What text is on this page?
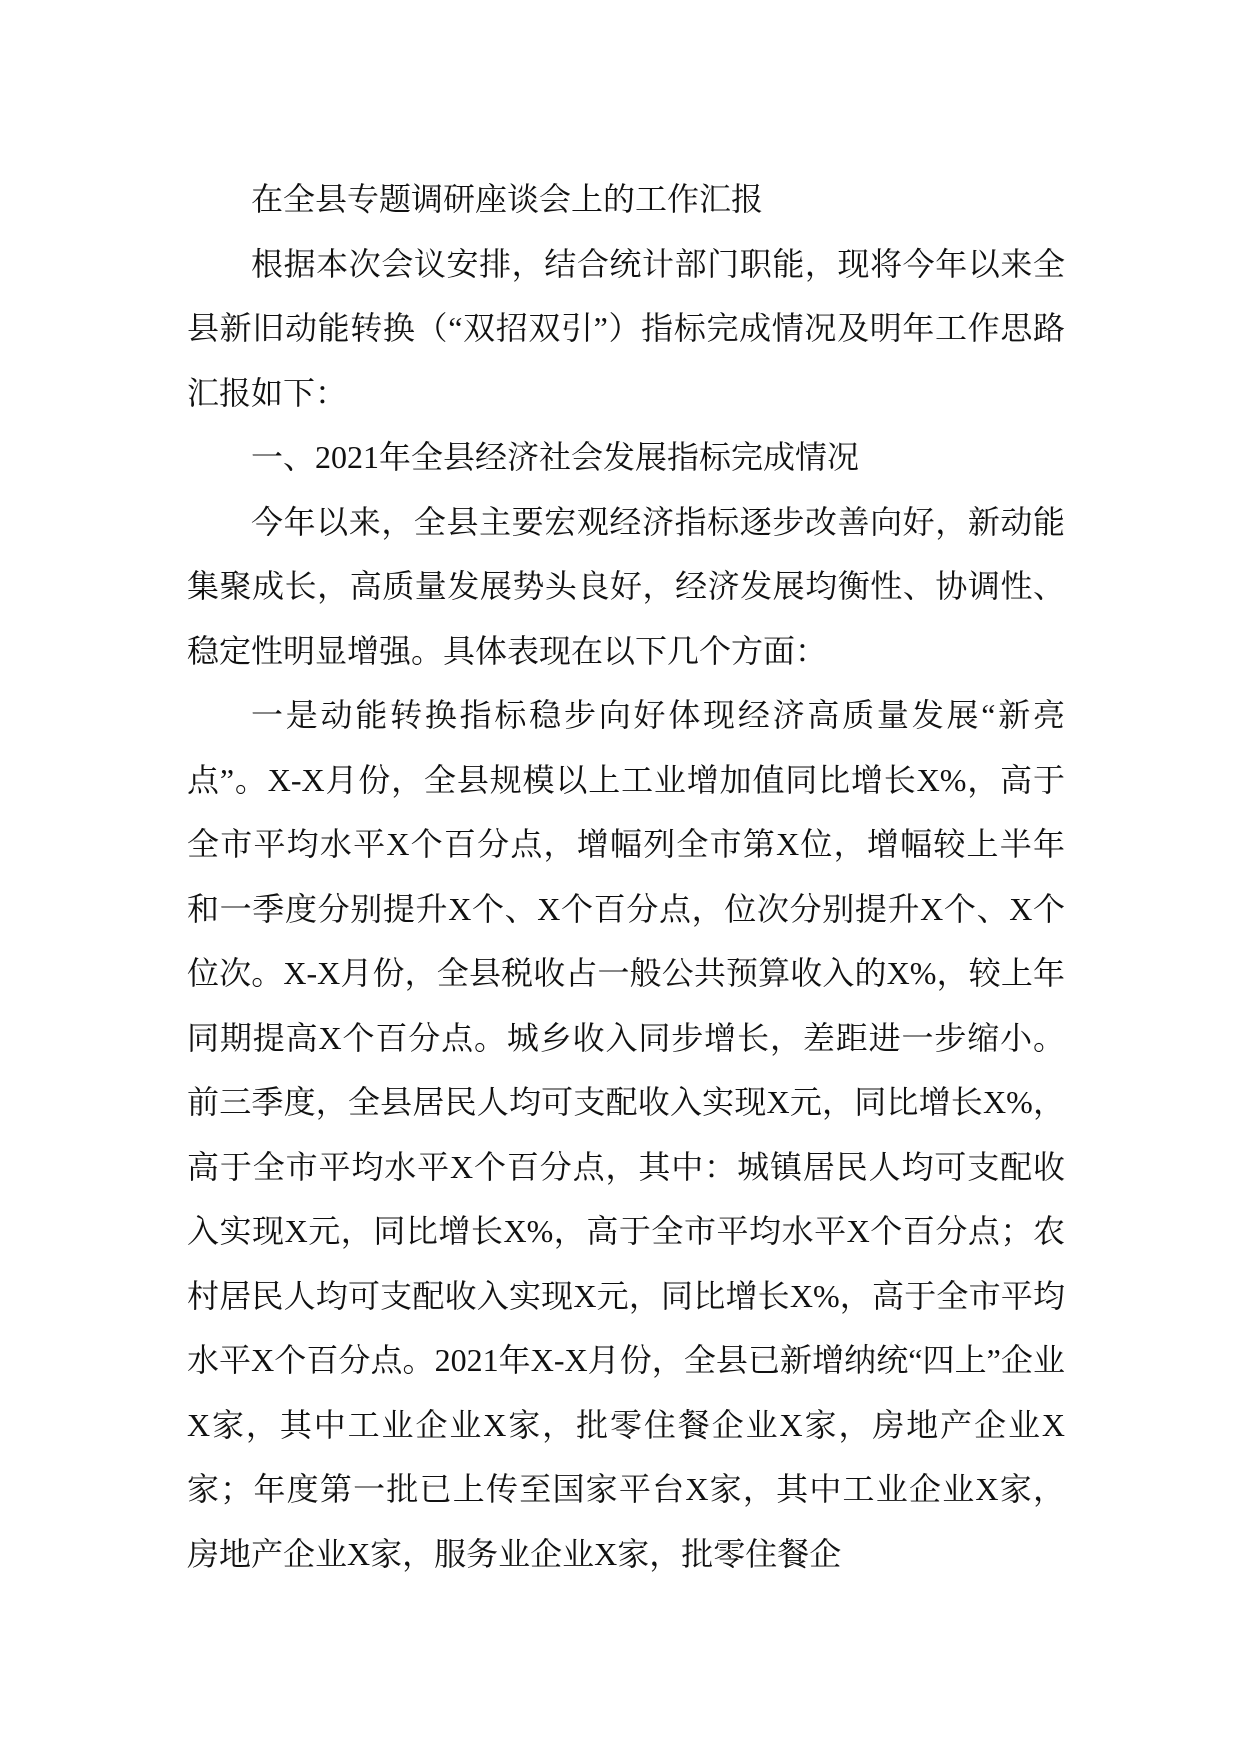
在全县专题调研座谈会上的工作汇报

根据本次会议安排，结合统计部门职能，现将今年以来全县新旧动能转换（“双招双引”）指标完成情况及明年工作思路汇报如下：

一、2021年全县经济社会发展指标完成情况

今年以来，全县主要宏观经济指标逐步改善向好，新动能集聚成长，高质量发展势头良好，经济发展均衡性、协调性、稳定性明显增强。具体表现在以下几个方面：

一是动能转换指标稳步向好体现经济高质量发展“新亮点”。X-X月份，全县规模以上工业增加值同比增长X%，高于全市平均水平X个百分点，增幅列全市第X位，增幅较上半年和一季度分别提升X个、X个百分点，位次分别提升X个、X个位次。X-X月份，全县税收占一般公共预算收入的X%，较上年同期提高X个百分点。城乡收入同步增长，差距进一步缩小。前三季度，全县居民人均可支配收入实现X元，同比增长X%，高于全市平均水平X个百分点，其中：城镇居民人均可支配收入实现X元，同比增长X%，高于全市平均水平X个百分点；农村居民人均可支配收入实现X元，同比增长X%，高于全市平均水平X个百分点。2021年X-X月份，全县已新增纳统“四上”企业X家，其中工业企业X家，批零住餐企业X家，房地产企业X家；年度第一批已上传至国家平台X家，其中工业企业X家，房地产企业X家，服务业企业X家，批零住餐企
